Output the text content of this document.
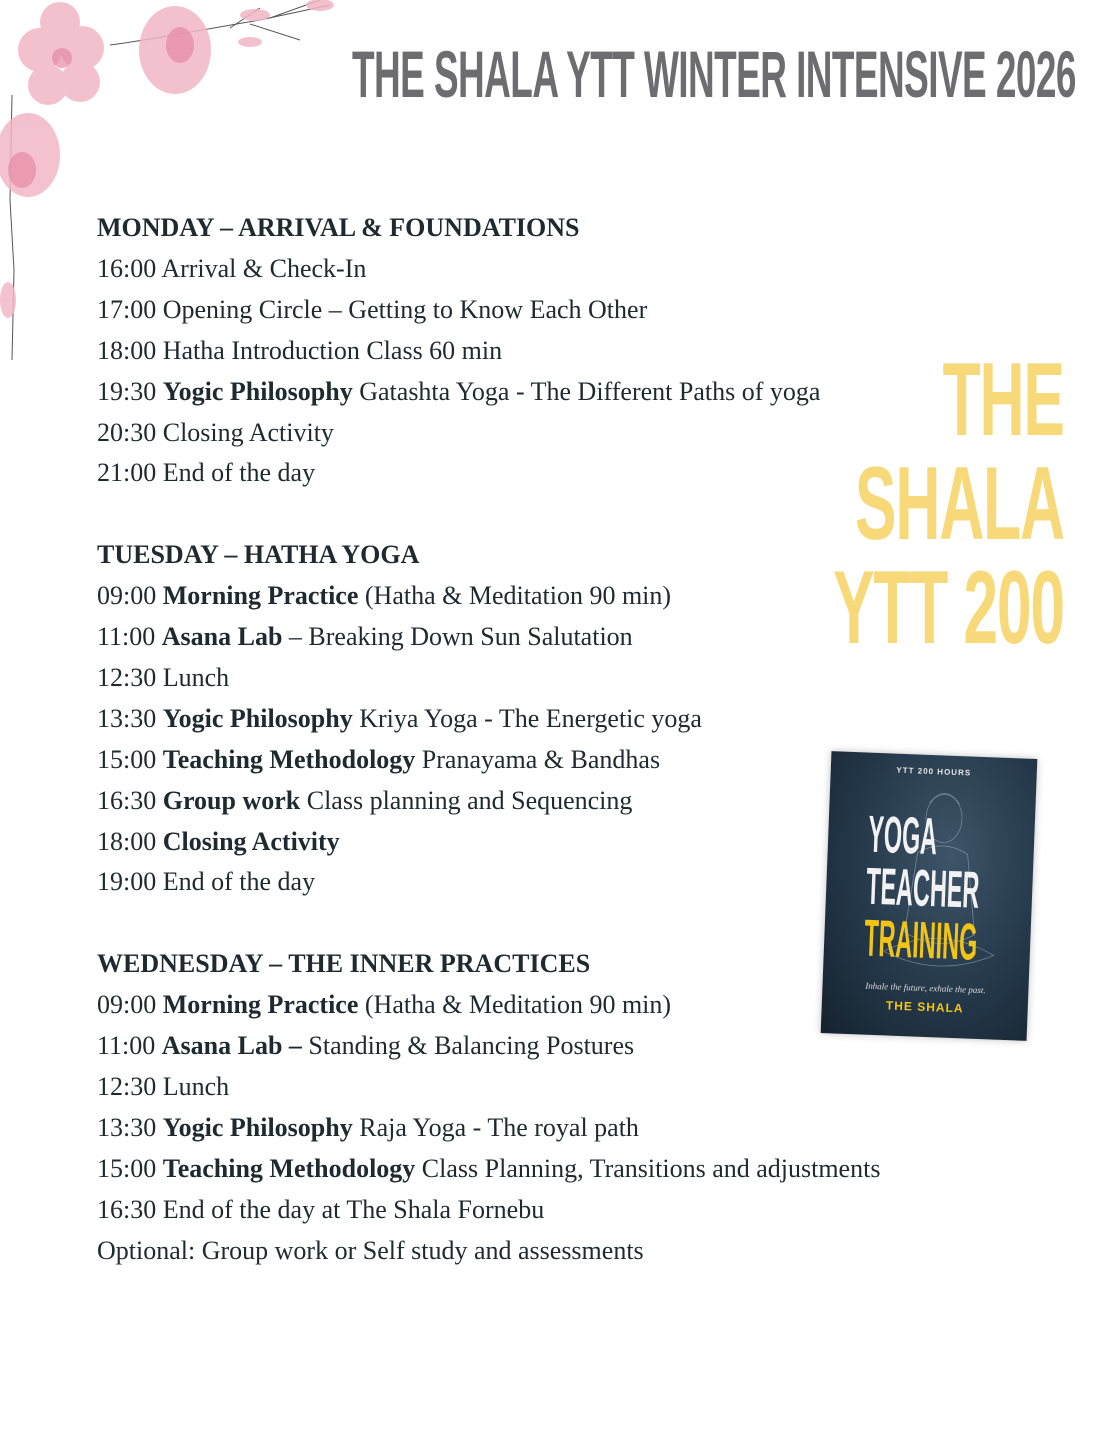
THE SHALA YTT WINTER INTENSIVE 2026
THE
SHALA
YTT 200
MONDAY – ARRIVAL & FOUNDATIONS
16:00 Arrival & Check-In
17:00 Opening Circle – Getting to Know Each Other
18:00 Hatha Introduction Class 60 min
19:30 Yogic Philosophy Gatashta Yoga - The Different Paths of yoga
20:30 Closing Activity
21:00 End of the day
TUESDAY – HATHA YOGA
09:00 Morning Practice (Hatha & Meditation 90 min)
11:00 Asana Lab – Breaking Down Sun Salutation
12:30 Lunch
13:30 Yogic Philosophy Kriya Yoga - The Energetic yoga
15:00 Teaching Methodology Pranayama & Bandhas
16:30 Group work Class planning and Sequencing
18:00 Closing Activity
19:00 End of the day
WEDNESDAY – THE INNER PRACTICES
09:00 Morning Practice (Hatha & Meditation 90 min)
11:00 Asana Lab – Standing & Balancing Postures
12:30 Lunch
13:30 Yogic Philosophy Raja Yoga - The royal path
15:00 Teaching Methodology Class Planning, Transitions and adjustments
16:30 End of the day at The Shala Fornebu
Optional: Group work or Self study and assessments
YTT 200 HOURS
YOGA
TEACHER
TRAINING
Inhale the future, exhale the past.
THE SHALA
